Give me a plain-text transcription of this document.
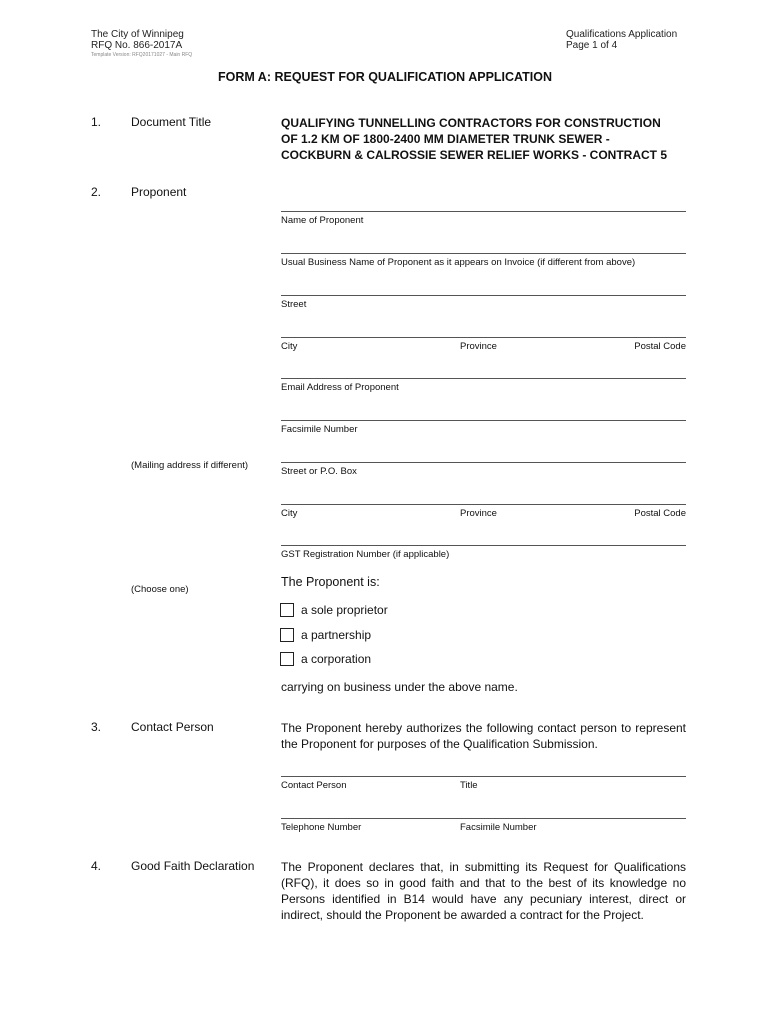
The City of Winnipeg
RFQ No. 866-2017A
Template Version: RFQ20171027 - Main RFQ
Qualifications Application
Page 1 of 4
FORM A: REQUEST FOR QUALIFICATION APPLICATION
1. Document Title	QUALIFYING TUNNELLING CONTRACTORS FOR CONSTRUCTION
OF 1.2 KM OF 1800-2400 MM DIAMETER TRUNK SEWER -
COCKBURN & CALROSSIE SEWER RELIEF WORKS - CONTRACT 5
2. Proponent
Name of Proponent
Usual Business Name of Proponent as it appears on Invoice (if different from above)
Street
City	Province	Postal Code
Email Address of Proponent
Facsimile Number
(Mailing address if different)
Street or P.O. Box
City	Province	Postal Code
GST Registration Number (if applicable)
(Choose one)
The Proponent is:
a sole proprietor
a partnership
a corporation
carrying on business under the above name.
3. Contact Person	The Proponent hereby authorizes the following contact person to represent the Proponent for purposes of the Qualification Submission.
Contact Person	Title
Telephone Number	Facsimile Number
4. Good Faith Declaration The Proponent declares that, in submitting its Request for Qualifications (RFQ), it does so in good faith and that to the best of its knowledge no Persons identified in B14 would have any pecuniary interest, direct or indirect, should the Proponent be awarded a contract for the Project.
